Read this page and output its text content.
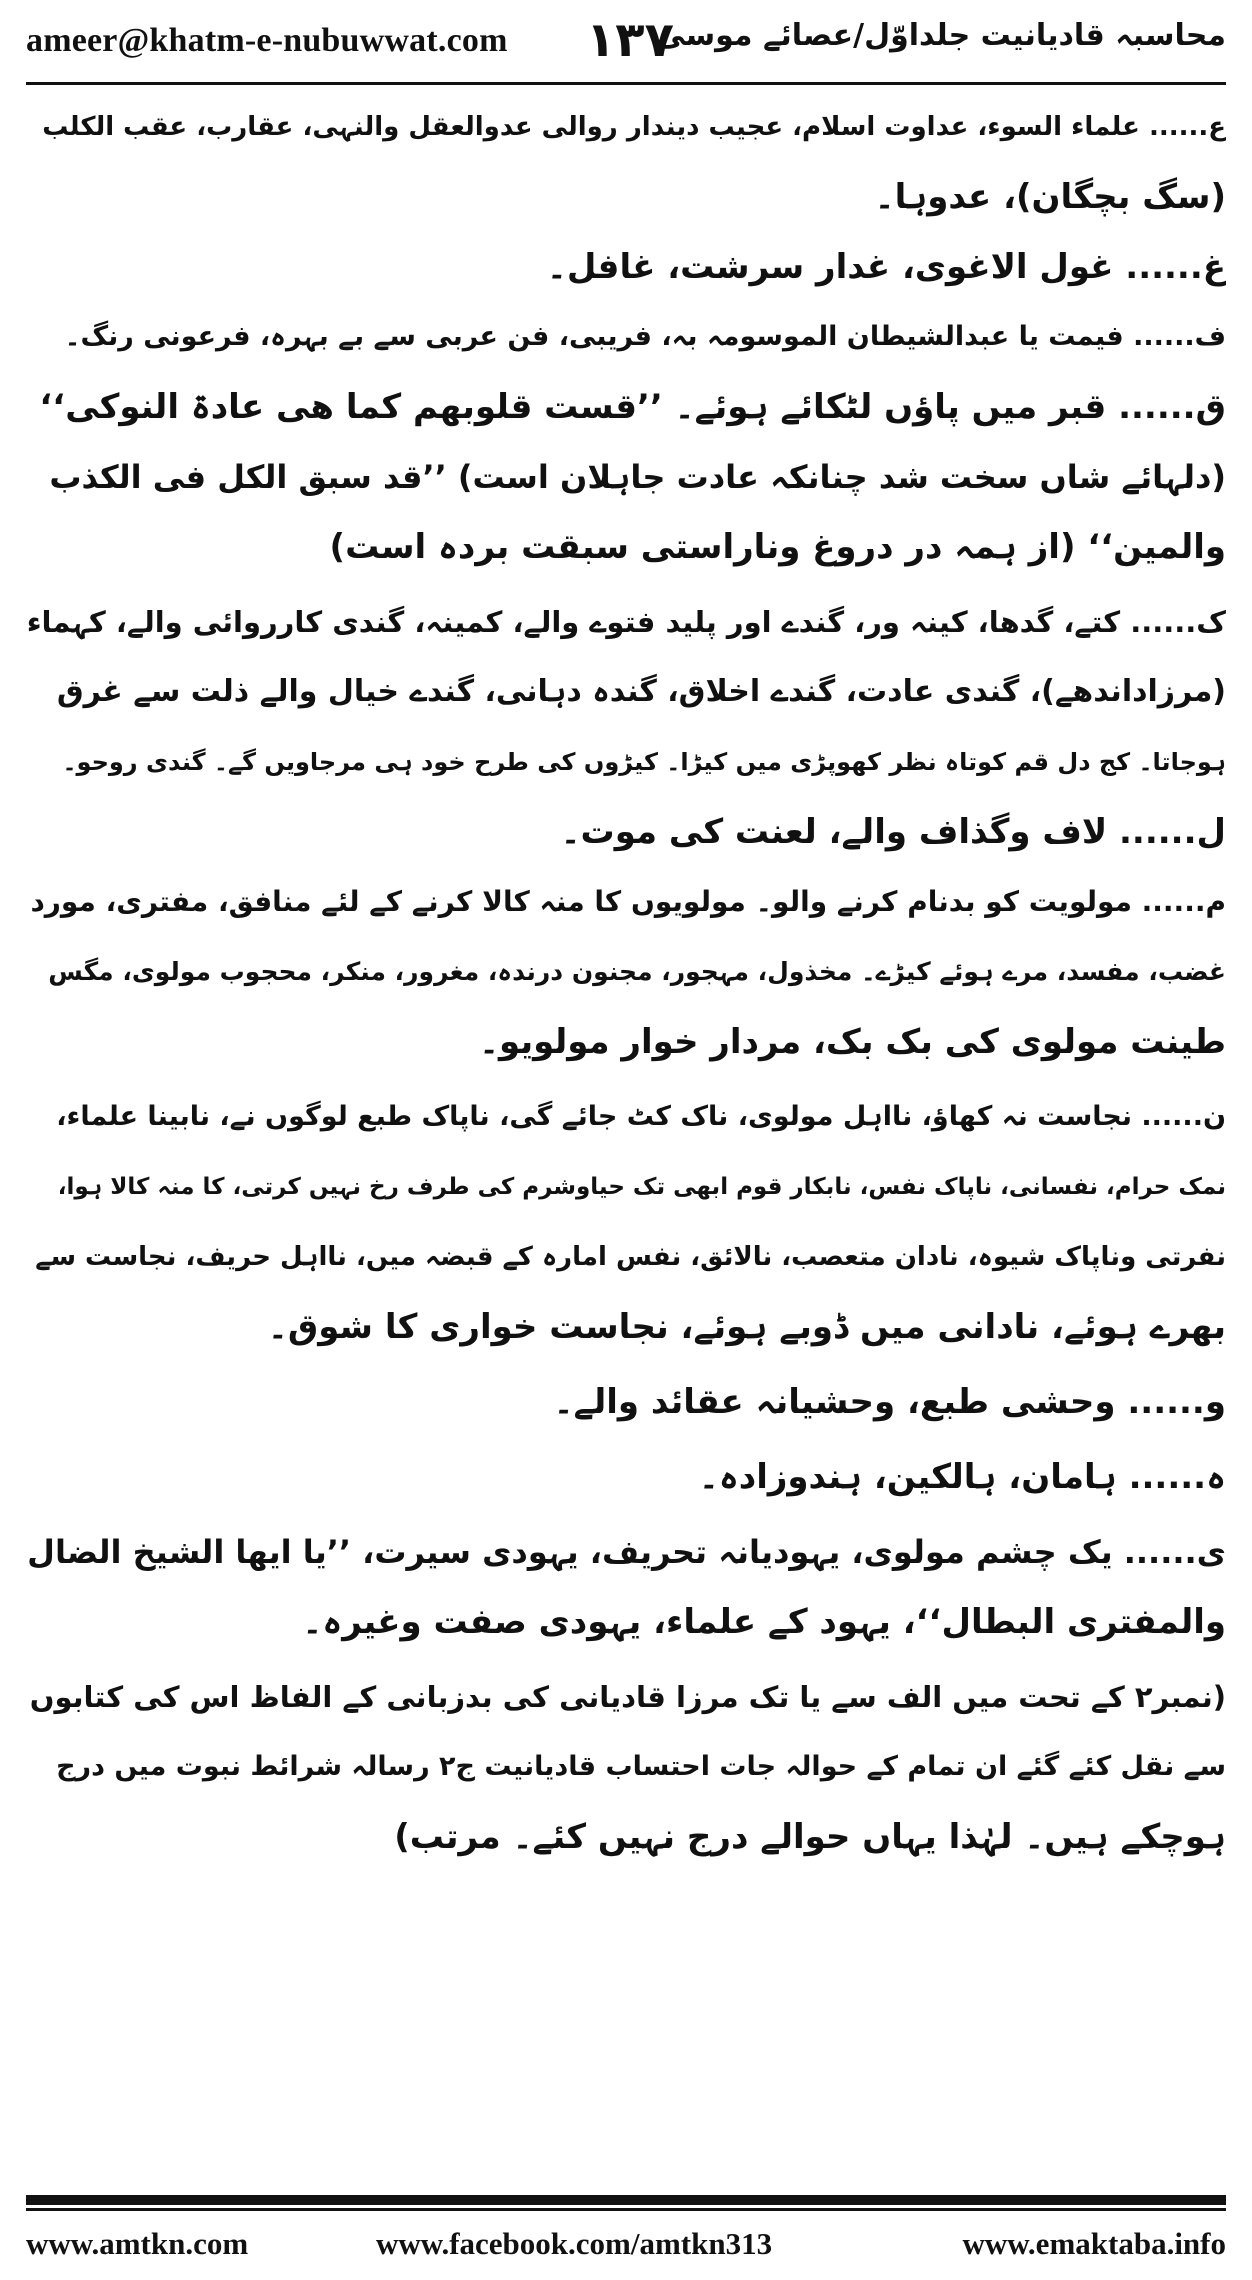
ameer@khatm-e-nubuwwat.com ۱۳۷
محاسبہ قادیانیت جلداوّل/عصائے موسیٰ
ع...... علماء السوء، عداوت اسلام، عجیب دیندار روالی عدوالعقل والنہی، عقارب، عقب الکلب
(سگ بچگان)، عدوہا۔
غ...... غول الاغوی، غدار سرشت، غافل۔
ف...... فیمت یا عبدالشیطان الموسومہ بہ، فریبی، فن عربی سے بے بہرہ، فرعونی رنگ۔
ق...... قبر میں پاؤں لٹکائے ہوئے۔ ’’قست قلوبھم کما ھی عادۃ النوکی‘‘
(دلہائے شاں سخت شد چنانکہ عادت جاہلان است) ’’قد سبق الکل فی الکذب
والمین‘‘ (از ہمہ در دروغ وناراستی سبقت بردہ است)
ک...... کتے، گدھا، کینہ ور، گندے اور پلید فتوے والے، کمینہ، گندی کارروائی والے، کہماء
(مرزاداندھے)، گندی عادت، گندے اخلاق، گندہ دہانی، گندے خیال والے ذلت سے غرق
ہوجاتا۔ کج دل قم کوتاہ نظر کھوپڑی میں کیڑا۔ کیڑوں کی طرح خود ہی مرجاویں گے۔ گندی روحو۔
ل...... لاف وگذاف والے، لعنت کی موت۔
م...... مولویت کو بدنام کرنے والو۔ مولویوں کا منہ کالا کرنے کے لئے منافق، مفتری، مورد
غضب، مفسد، مرے ہوئے کیڑے۔ مخذول، مہجور، مجنون درندہ، مغرور، منکر، محجوب مولوی، مگس
طینت مولوی کی بک بک، مردار خوار مولویو۔
ن...... نجاست نہ کھاؤ، نااہل مولوی، ناک کٹ جائے گی، ناپاک طبع لوگوں نے، نابینا علماء،
نمک حرام، نفسانی، ناپاک نفس، نابکار قوم ابھی تک حیاوشرم کی طرف رخ نہیں کرتی، کا منہ کالا ہوا،
نفرتی وناپاک شیوہ، نادان متعصب، نالائق، نفس امارہ کے قبضہ میں، نااہل حریف، نجاست سے
بھرے ہوئے، نادانی میں ڈوبے ہوئے، نجاست خواری کا شوق۔
و...... وحشی طبع، وحشیانہ عقائد والے۔
ہ...... ہامان، ہالکین، ہندوزادہ۔
ی...... یک چشم مولوی، یہودیانہ تحریف، یہودی سیرت، ’’یا ایھا الشیخ الضال
والمفتری البطال‘‘، یہود کے علماء، یہودی صفت وغیرہ۔
(نمبر۲ کے تحت میں الف سے یا تک مرزا قادیانی کی بدزبانی کے الفاظ اس کی کتابوں
سے نقل کئے گئے ان تمام کے حوالہ جات احتساب قادیانیت ج۲ رسالہ شرائط نبوت میں درج
ہوچکے ہیں۔ لہٰذا یہاں حوالے درج نہیں کئے۔ مرتب)
www.amtkn.com	www.facebook.com/amtkn313	www.emaktaba.info
